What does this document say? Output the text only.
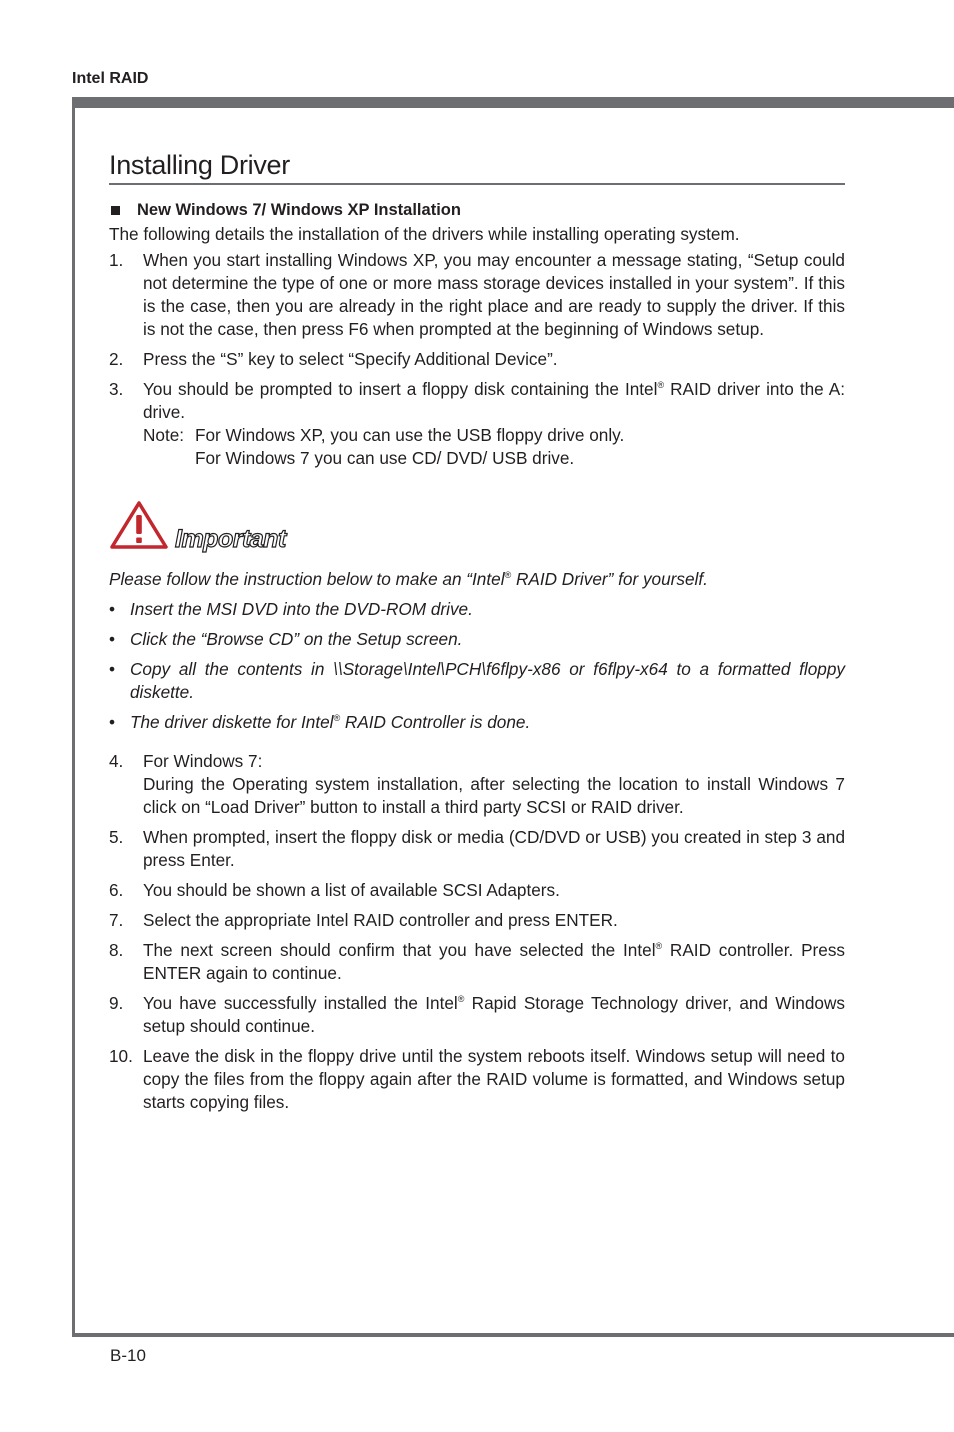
Intel RAID
Installing Driver
New Windows 7/ Windows XP Installation
The following details the installation of the drivers while installing operating system.
1.	When you start installing Windows XP, you may encounter a message stating, “Setup could not determine the type of one or more mass storage devices installed in your system”. If this is the case, then you are already in the right place and are ready to supply the driver. If this is not the case, then press F6 when prompted at the beginning of Windows setup.
2.	Press the “S” key to select “Specify Additional Device”.
3.	You should be prompted to insert a floppy disk containing the Intel® RAID driver into the A: drive.
Note: For Windows XP, you can use the USB floppy drive only.
For Windows 7 you can use CD/ DVD/ USB drive.
Important
Please follow the instruction below to make an “Intel® RAID Driver” for yourself.
• Insert the MSI DVD into the DVD-ROM drive.
• Click the “Browse CD” on the Setup screen.
• Copy all the contents in \\Storage\Intel\PCH\f6flpy-x86 or f6flpy-x64 to a formatted floppy diskette.
• The driver diskette for Intel® RAID Controller is done.
4.	For Windows 7:
During the Operating system installation, after selecting the location to install Windows 7 click on “Load Driver” button to install a third party SCSI or RAID driver.
5.	When prompted, insert the floppy disk or media (CD/DVD or USB) you created in step 3 and press Enter.
6.	You should be shown a list of available SCSI Adapters.
7.	Select the appropriate Intel RAID controller and press ENTER.
8.	The next screen should confirm that you have selected the Intel® RAID controller. Press ENTER again to continue.
9.	You have successfully installed the Intel® Rapid Storage Technology driver, and Windows setup should continue.
10. Leave the disk in the floppy drive until the system reboots itself. Windows setup will need to copy the files from the floppy again after the RAID volume is formatted, and Windows setup starts copying files.
B-10
